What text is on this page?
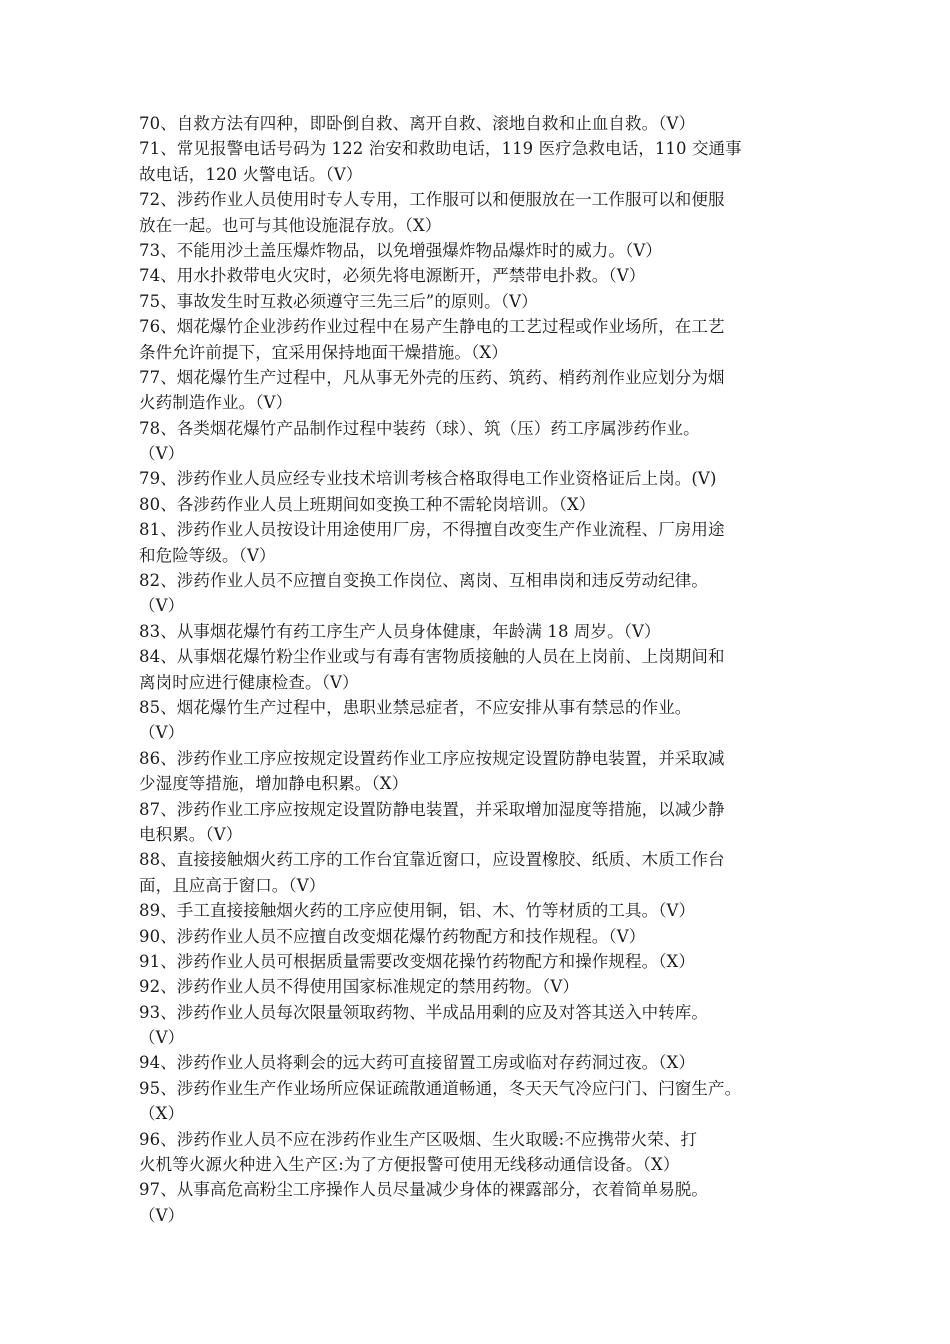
70、自救方法有四种，即卧倒自救、离开自救、滚地自救和止血自救。（V）
71、常见报警电话号码为 122 治安和救助电话，119 医疗急救电话，110 交通事
故电话，120 火警电话。（V）
72、涉药作业人员使用时专人专用，工作服可以和便服放在一工作服可以和便服
放在一起。也可与其他设施混存放。（X）
73、不能用沙土盖压爆炸物品，以免增强爆炸物品爆炸时的威力。（V）
74、用水扑救带电火灾时，必须先将电源断开，严禁带电扑救。（V）
75、事故发生时互救必须遵守三先三后”的原则。（V）
76、烟花爆竹企业涉药作业过程中在易产生静电的工艺过程或作业场所，在工艺
条件允许前提下，宜采用保持地面干燥措施。（X）
77、烟花爆竹生产过程中，凡从事无外壳的压药、筑药、梢药剂作业应划分为烟
火药制造作业。（V）
78、各类烟花爆竹产品制作过程中装药（球）、筑（压）药工序属涉药作业。
（V）
79、涉药作业人员应经专业技术培训考核合格取得电工作业资格证后上岗。(V)
80、各涉药作业人员上班期间如变换工种不需轮岗培训。（X）
81、涉药作业人员按设计用途使用厂房，不得擅自改变生产作业流程、厂房用途
和危险等级。（V）
82、涉药作业人员不应擅自变换工作岗位、离岗、互相串岗和违反劳动纪律。
（V）
83、从事烟花爆竹有药工序生产人员身体健康，年龄满 18 周岁。（V）
84、从事烟花爆竹粉尘作业或与有毒有害物质接触的人员在上岗前、上岗期间和
离岗时应进行健康检查。（V）
85、烟花爆竹生产过程中，患职业禁忌症者，不应安排从事有禁忌的作业。
（V）
86、涉药作业工序应按规定设置药作业工序应按规定设置防静电装置，并采取减
少湿度等措施，增加静电积累。（X）
87、涉药作业工序应按规定设置防静电装置，并采取增加湿度等措施，以减少静
电积累。（V）
88、直接接触烟火药工序的工作台宜靠近窗口，应设置橡胶、纸质、木质工作台
面，且应高于窗口。（V）
89、手工直接接触烟火药的工序应使用铜，铝、木、竹等材质的工具。（V）
90、涉药作业人员不应擅自改变烟花爆竹药物配方和技作规程。（V）
91、涉药作业人员可根据质量需要改变烟花操竹药物配方和操作规程。（X）
92、涉药作业人员不得使用国家标准规定的禁用药物。（V）
93、涉药作业人员每次限量领取药物、半成品用剩的应及对答其送入中转库。
（V）
94、涉药作业人员将剩会的远大药可直接留置工房或临对存药洞过夜。（X）
95、涉药作业生产作业场所应保证疏散通道畅通，冬天天气冷应闩门、闩窗生产。
（X）
96、涉药作业人员不应在涉药作业生产区吸烟、生火取暖:不应携带火荣、打
火机等火源火种进入生产区:为了方便报警可使用无线移动通信设备。（X）
97、从事高危高粉尘工序操作人员尽量减少身体的裸露部分，衣着简单易脱。
（V）
